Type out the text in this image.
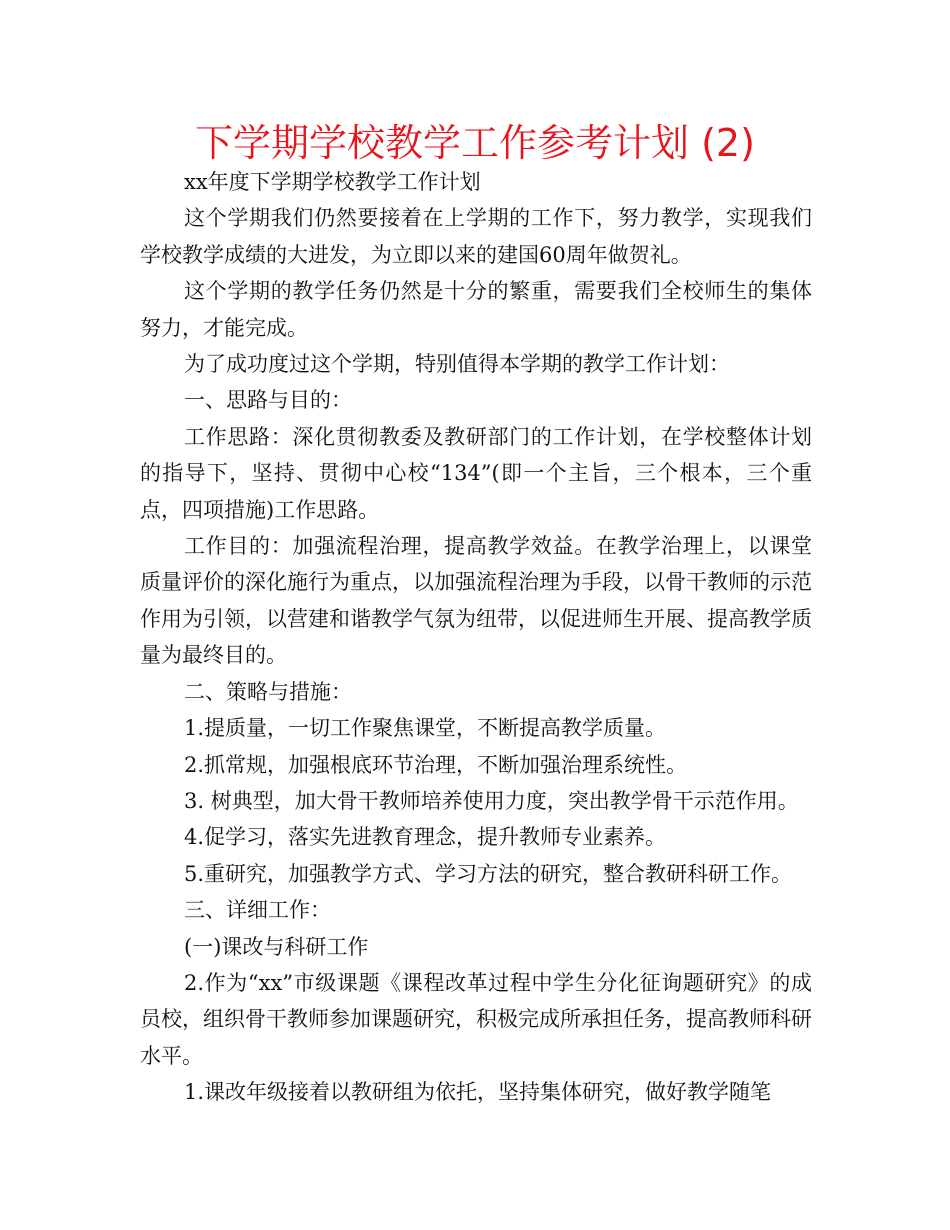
下学期学校教学工作参考计划 (2)

xx年度下学期学校教学工作计划

这个学期我们仍然要接着在上学期的工作下，努力教学，实现我们学校教学成绩的大进发，为立即以来的建国60周年做贺礼。

这个学期的教学任务仍然是十分的繁重，需要我们全校师生的集体努力，才能完成。

为了成功度过这个学期，特别值得本学期的教学工作计划：

一、思路与目的：

工作思路：深化贯彻教委及教研部门的工作计划，在学校整体计划的指导下，坚持、贯彻中心校“134”(即一个主旨，三个根本，三个重点，四项措施)工作思路。

工作目的：加强流程治理，提高教学效益。在教学治理上，以课堂质量评价的深化施行为重点，以加强流程治理为手段，以骨干教师的示范作用为引领，以营建和谐教学气氛为纽带，以促进师生开展、提高教学质量为最终目的。

二、策略与措施：

1.提质量，一切工作聚焦课堂，不断提高教学质量。

2.抓常规，加强根底环节治理，不断加强治理系统性。

3. 树典型，加大骨干教师培养使用力度，突出教学骨干示范作用。

4.促学习，落实先进教育理念，提升教师专业素养。

5.重研究，加强教学方式、学习方法的研究，整合教研科研工作。

三、详细工作：

(一)课改与科研工作

2.作为“xx”市级课题《课程改革过程中学生分化征询题研究》的成员校，组织骨干教师参加课题研究，积极完成所承担任务，提高教师科研水平。

1.课改年级接着以教研组为依托，坚持集体研究，做好教学随笔
